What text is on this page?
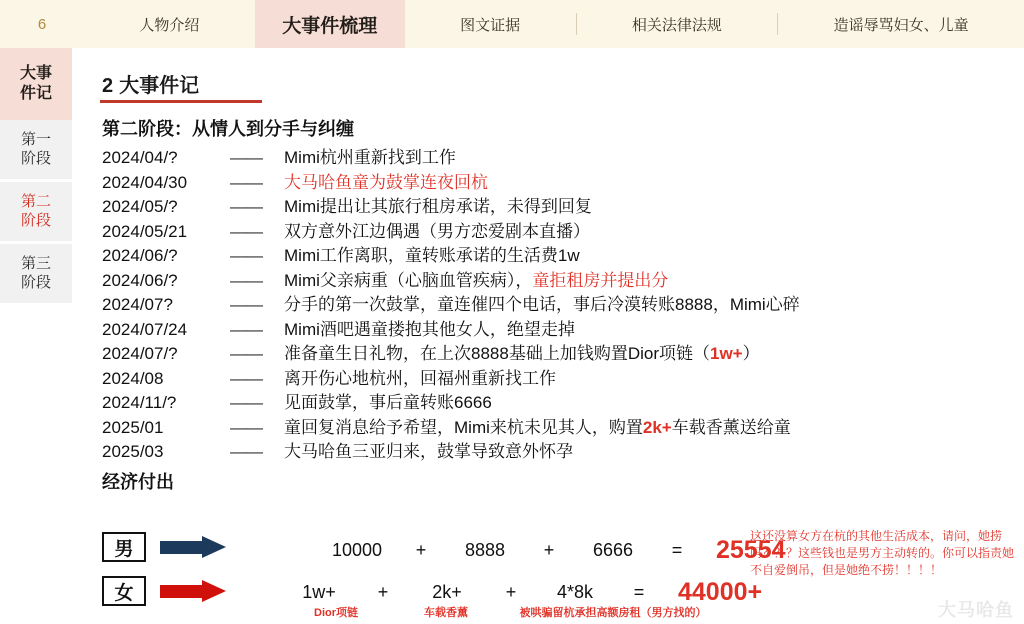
6	人物介绍	大事件梳理	图文证据	相关法律法规	造谣辱骂妇女、儿童
大事
件记
第一
阶段
第二
阶段
第三
阶段
2 大事件记
第二阶段：从情人到分手与纠缠
2024/04/?	——	Mimi杭州重新找到工作
2024/04/30	——	大马哈鱼童为鼓掌连夜回杭
2024/05/?	——	Mimi提出让其旅行租房承诺，未得到回复
2024/05/21	——	双方意外江边偶遇（男方恋爱剧本直播）
2024/06/?	——	Mimi工作离职，童转账承诺的生活费1w
2024/06/?	——	Mimi父亲病重（心脑血管疾病），童拒租房并提出分
2024/07?	——	分手的第一次鼓掌，童连催四个电话，事后冷漠转账8888，Mimi心碎
2024/07/24	——	Mimi酒吧遇童搂抱其他女人，绝望走掉
2024/07/?	——	准备童生日礼物，在上次8888基础上加钱购置Dior项链（1w+）
2024/08	——	离开伤心地杭州，回福州重新找工作
2024/11/?	——	见面鼓掌，事后童转账6666
2025/01	——	童回复消息给予希望，Mimi来杭未见其人，购置2k+车载香薰送给童
2025/03	——	大马哈鱼三亚归来，鼓掌导致意外怀孕
经济付出
男	10000	+	8888	+	6666	=	25554
女	1w+	+	2k+	+	4*8k	=	44000+
Dior项链	车载香薰	被哄骗留杭承担高额房租（男方找的）
这还没算女方在杭的其他生活成本，请问，她捞吗？？？这些钱也是男方主动转的。你可以指责她不自爱倒吊，但是她绝不捞！！！！
大马哈鱼
